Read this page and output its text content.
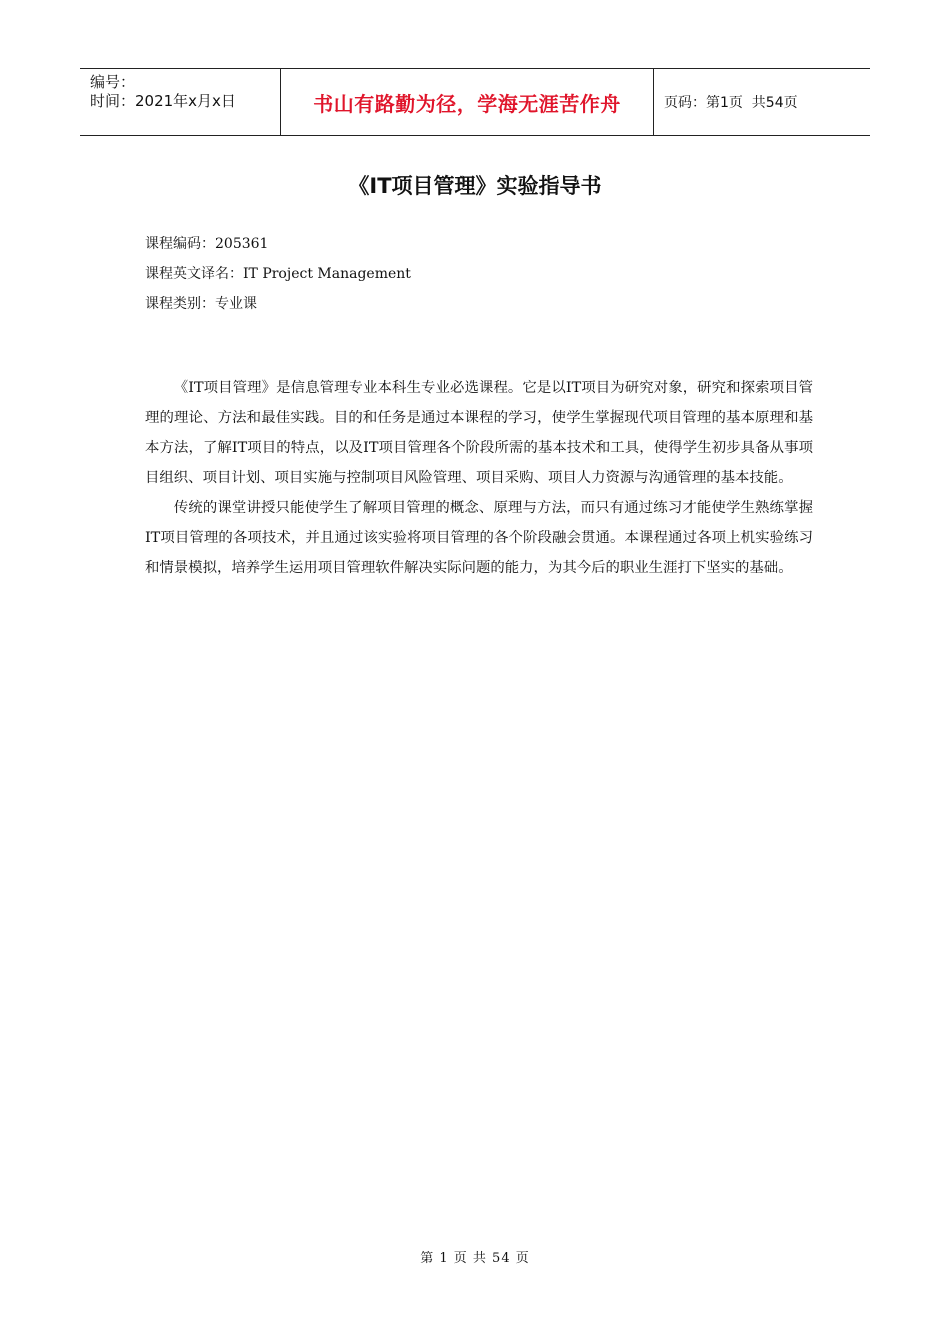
编号：
时间：2021年x月x日	书山有路勤为径，学海无涯苦作舟	页码：第1页  共54页
《IT项目管理》实验指导书
课程编码：205361
课程英文译名：IT Project Management
课程类别：专业课

《IT项目管理》是信息管理专业本科生专业必选课程。它是以IT项目为研究对象，研究和探索项目管理的理论、方法和最佳实践。目的和任务是通过本课程的学习，使学生掌握现代项目管理的基本原理和基本方法，了解IT项目的特点，以及IT项目管理各个阶段所需的基本技术和工具，使得学生初步具备从事项目组织、项目计划、项目实施与控制项目风险管理、项目采购、项目人力资源与沟通管理的基本技能。

传统的课堂讲授只能使学生了解项目管理的概念、原理与方法，而只有通过练习才能使学生熟练掌握IT项目管理的各项技术，并且通过该实验将项目管理的各个阶段融会贯通。本课程通过各项上机实验练习和情景模拟，培养学生运用项目管理软件解决实际问题的能力，为其今后的职业生涯打下坚实的基础。

第 1 页 共 54 页
